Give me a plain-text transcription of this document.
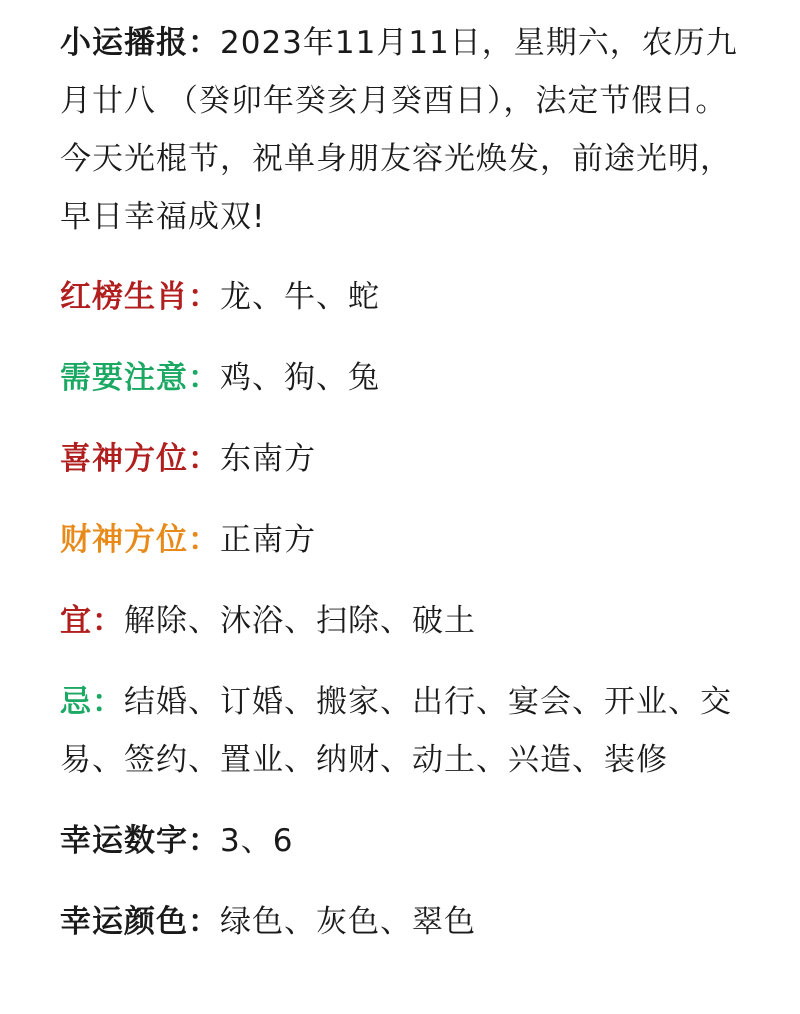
小运播报：2023年11月11日，星期六，农历九月廿八 （癸卯年癸亥月癸酉日），法定节假日。今天光棍节，祝单身朋友容光焕发，前途光明，早日幸福成双!

红榜生肖：龙、牛、蛇

需要注意：鸡、狗、兔

喜神方位：东南方

财神方位：正南方

宜：解除、沐浴、扫除、破土

忌：结婚、订婚、搬家、出行、宴会、开业、交易、签约、置业、纳财、动土、兴造、装修

幸运数字：3、6

幸运颜色：绿色、灰色、翠色
